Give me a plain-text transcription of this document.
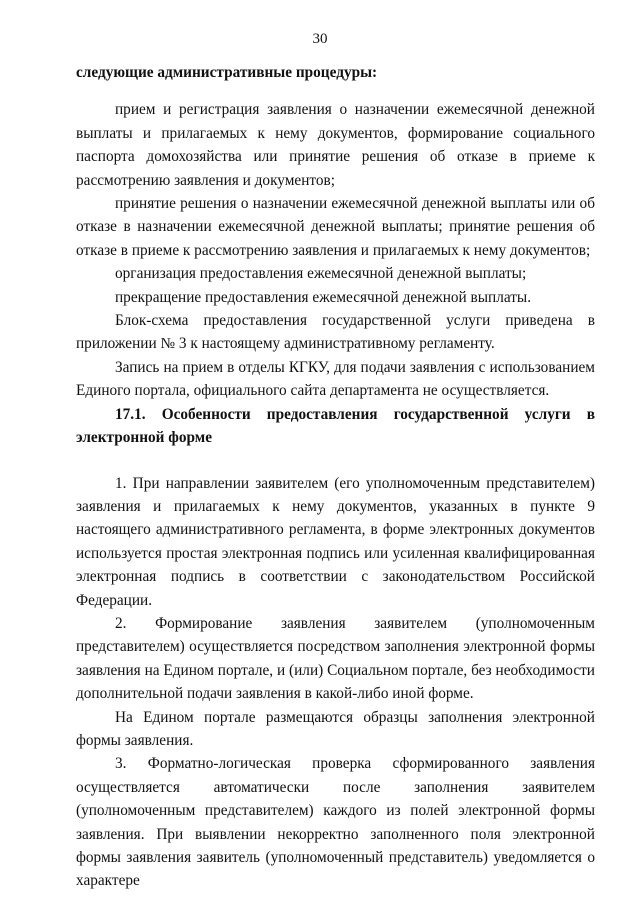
30

следующие административные процедуры:

прием и регистрация заявления о назначении ежемесячной денежной выплаты и прилагаемых к нему документов, формирование социального паспорта домохозяйства или принятие решения об отказе в приеме к рассмотрению заявления и документов;

принятие решения о назначении ежемесячной денежной выплаты или об отказе в назначении ежемесячной денежной выплаты; принятие решения об отказе в приеме к рассмотрению заявления и прилагаемых к нему документов;

организация предоставления ежемесячной денежной выплаты;

прекращение предоставления ежемесячной денежной выплаты.

Блок-схема предоставления государственной услуги приведена в приложении № 3 к настоящему административному регламенту.

Запись на прием в отделы КГКУ, для подачи заявления с использованием Единого портала, официального сайта департамента не осуществляется.

17.1. Особенности предоставления государственной услуги в электронной форме

1. При направлении заявителем (его уполномоченным представителем) заявления и прилагаемых к нему документов, указанных в пункте 9 настоящего административного регламента, в форме электронных документов используется простая электронная подпись или усиленная квалифицированная электронная подпись в соответствии с законодательством Российской Федерации.

2. Формирование заявления заявителем (уполномоченным представителем) осуществляется посредством заполнения электронной формы заявления на Едином портале, и (или) Социальном портале, без необходимости дополнительной подачи заявления в какой-либо иной форме.

На Едином портале размещаются образцы заполнения электронной формы заявления.

3. Форматно-логическая проверка сформированного заявления осуществляется автоматически после заполнения заявителем (уполномоченным представителем) каждого из полей электронной формы заявления. При выявлении некорректно заполненного поля электронной формы заявления заявитель (уполномоченный представитель) уведомляется о характере
